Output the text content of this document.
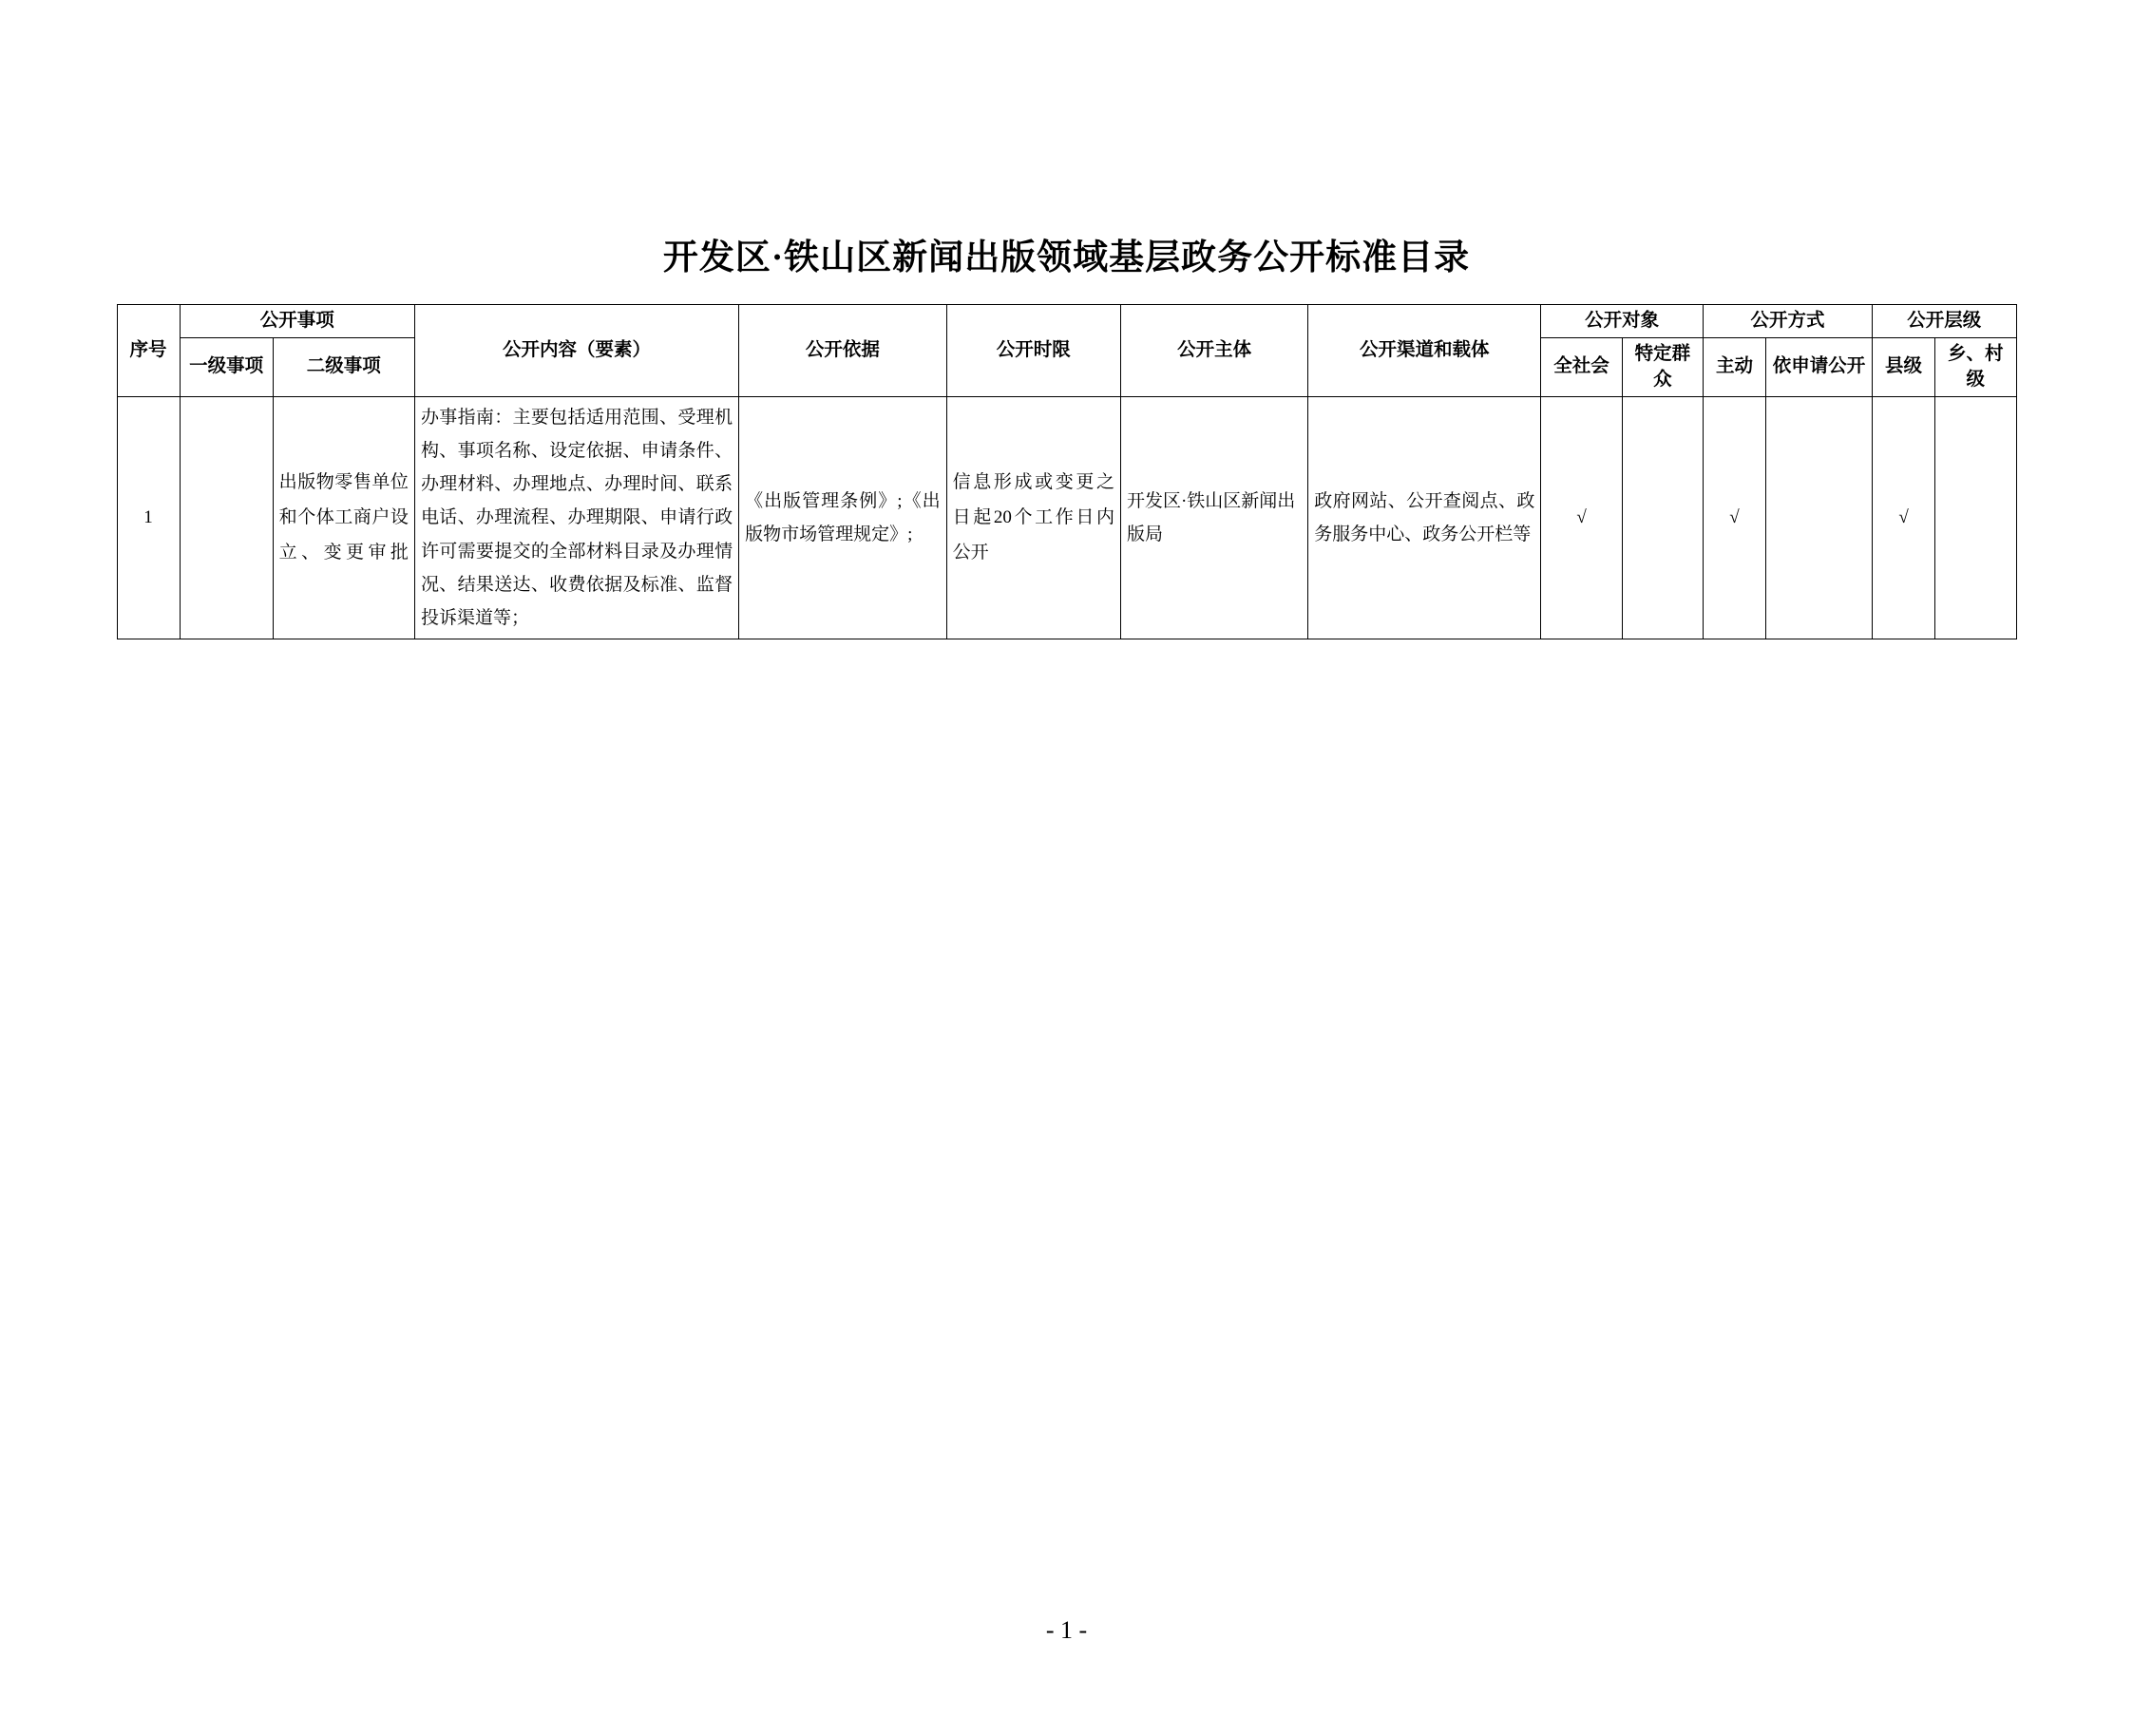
开发区·铁山区新闻出版领域基层政务公开标准目录
序号	公开事项		公开内容（要素）	公开依据	公开时限	公开主体	公开渠道和载体	公开对象		公开方式		公开层级	
	一级事项	二级事项						全社会	特定群众	主动	依申请公开	县级	乡、村级
1		出版物零售单位和个体工商户设立、变更审批	办事指南：主要包括适用范围、受理机构、事项名称、设定依据、申请条件、办理材料、办理地点、办理时间、联系电话、办理流程、办理期限、申请行政许可需要提交的全部材料目录及办理情况、结果送达、收费依据及标准、监督投诉渠道等；	《出版管理条例》;《出版物市场管理规定》;	信息形成或变更之日起20个工作日内公开	开发区·铁山区新闻出版局	政府网站、公开查阅点、政务服务中心、政务公开栏等	√		√		√	
- 1 -
